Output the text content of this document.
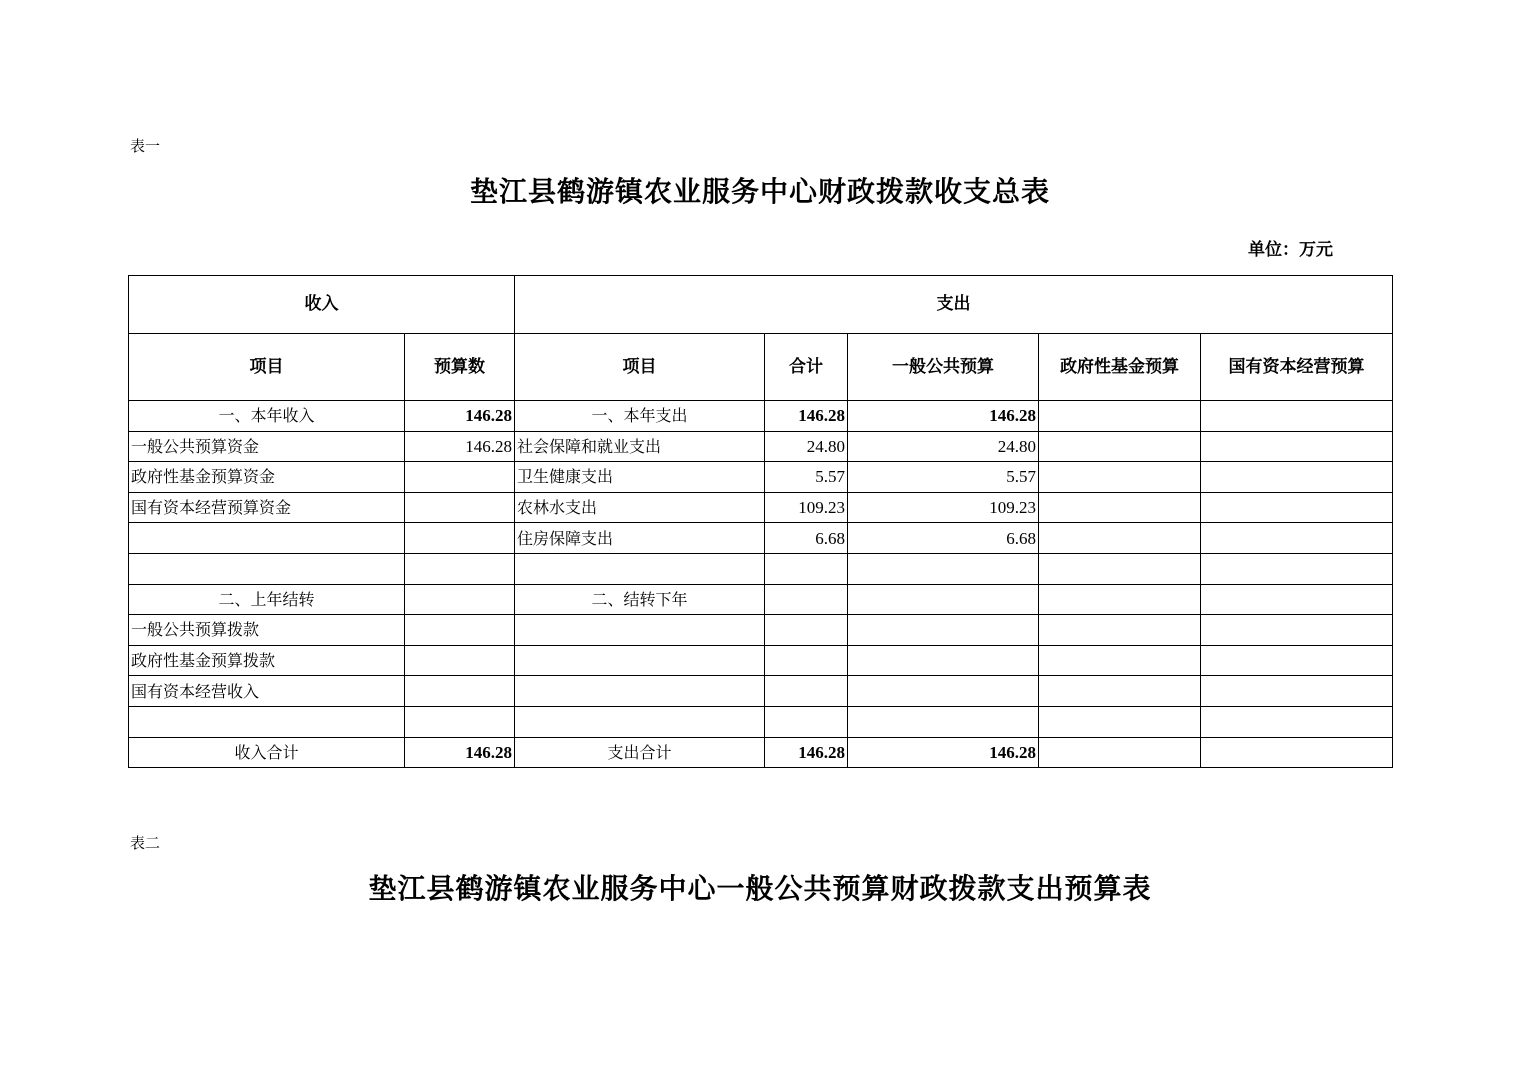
表一
垫江县鹤游镇农业服务中心财政拨款收支总表
单位：万元
收入		支出				
项目	预算数	项目	合计	一般公共预算	政府性基金预算	国有资本经营预算
一、本年收入	146.28	一、本年支出	146.28	146.28		
一般公共预算资金	146.28	社会保障和就业支出	24.80	24.80		
政府性基金预算资金		卫生健康支出	5.57	5.57		
国有资本经营预算资金		农林水支出	109.23	109.23		
		住房保障支出	6.68	6.68		

二、上年结转		二、结转下年				
一般公共预算拨款						
政府性基金预算拨款						
国有资本经营收入						

收入合计	146.28	支出合计	146.28	146.28		
表二
垫江县鹤游镇农业服务中心一般公共预算财政拨款支出预算表
